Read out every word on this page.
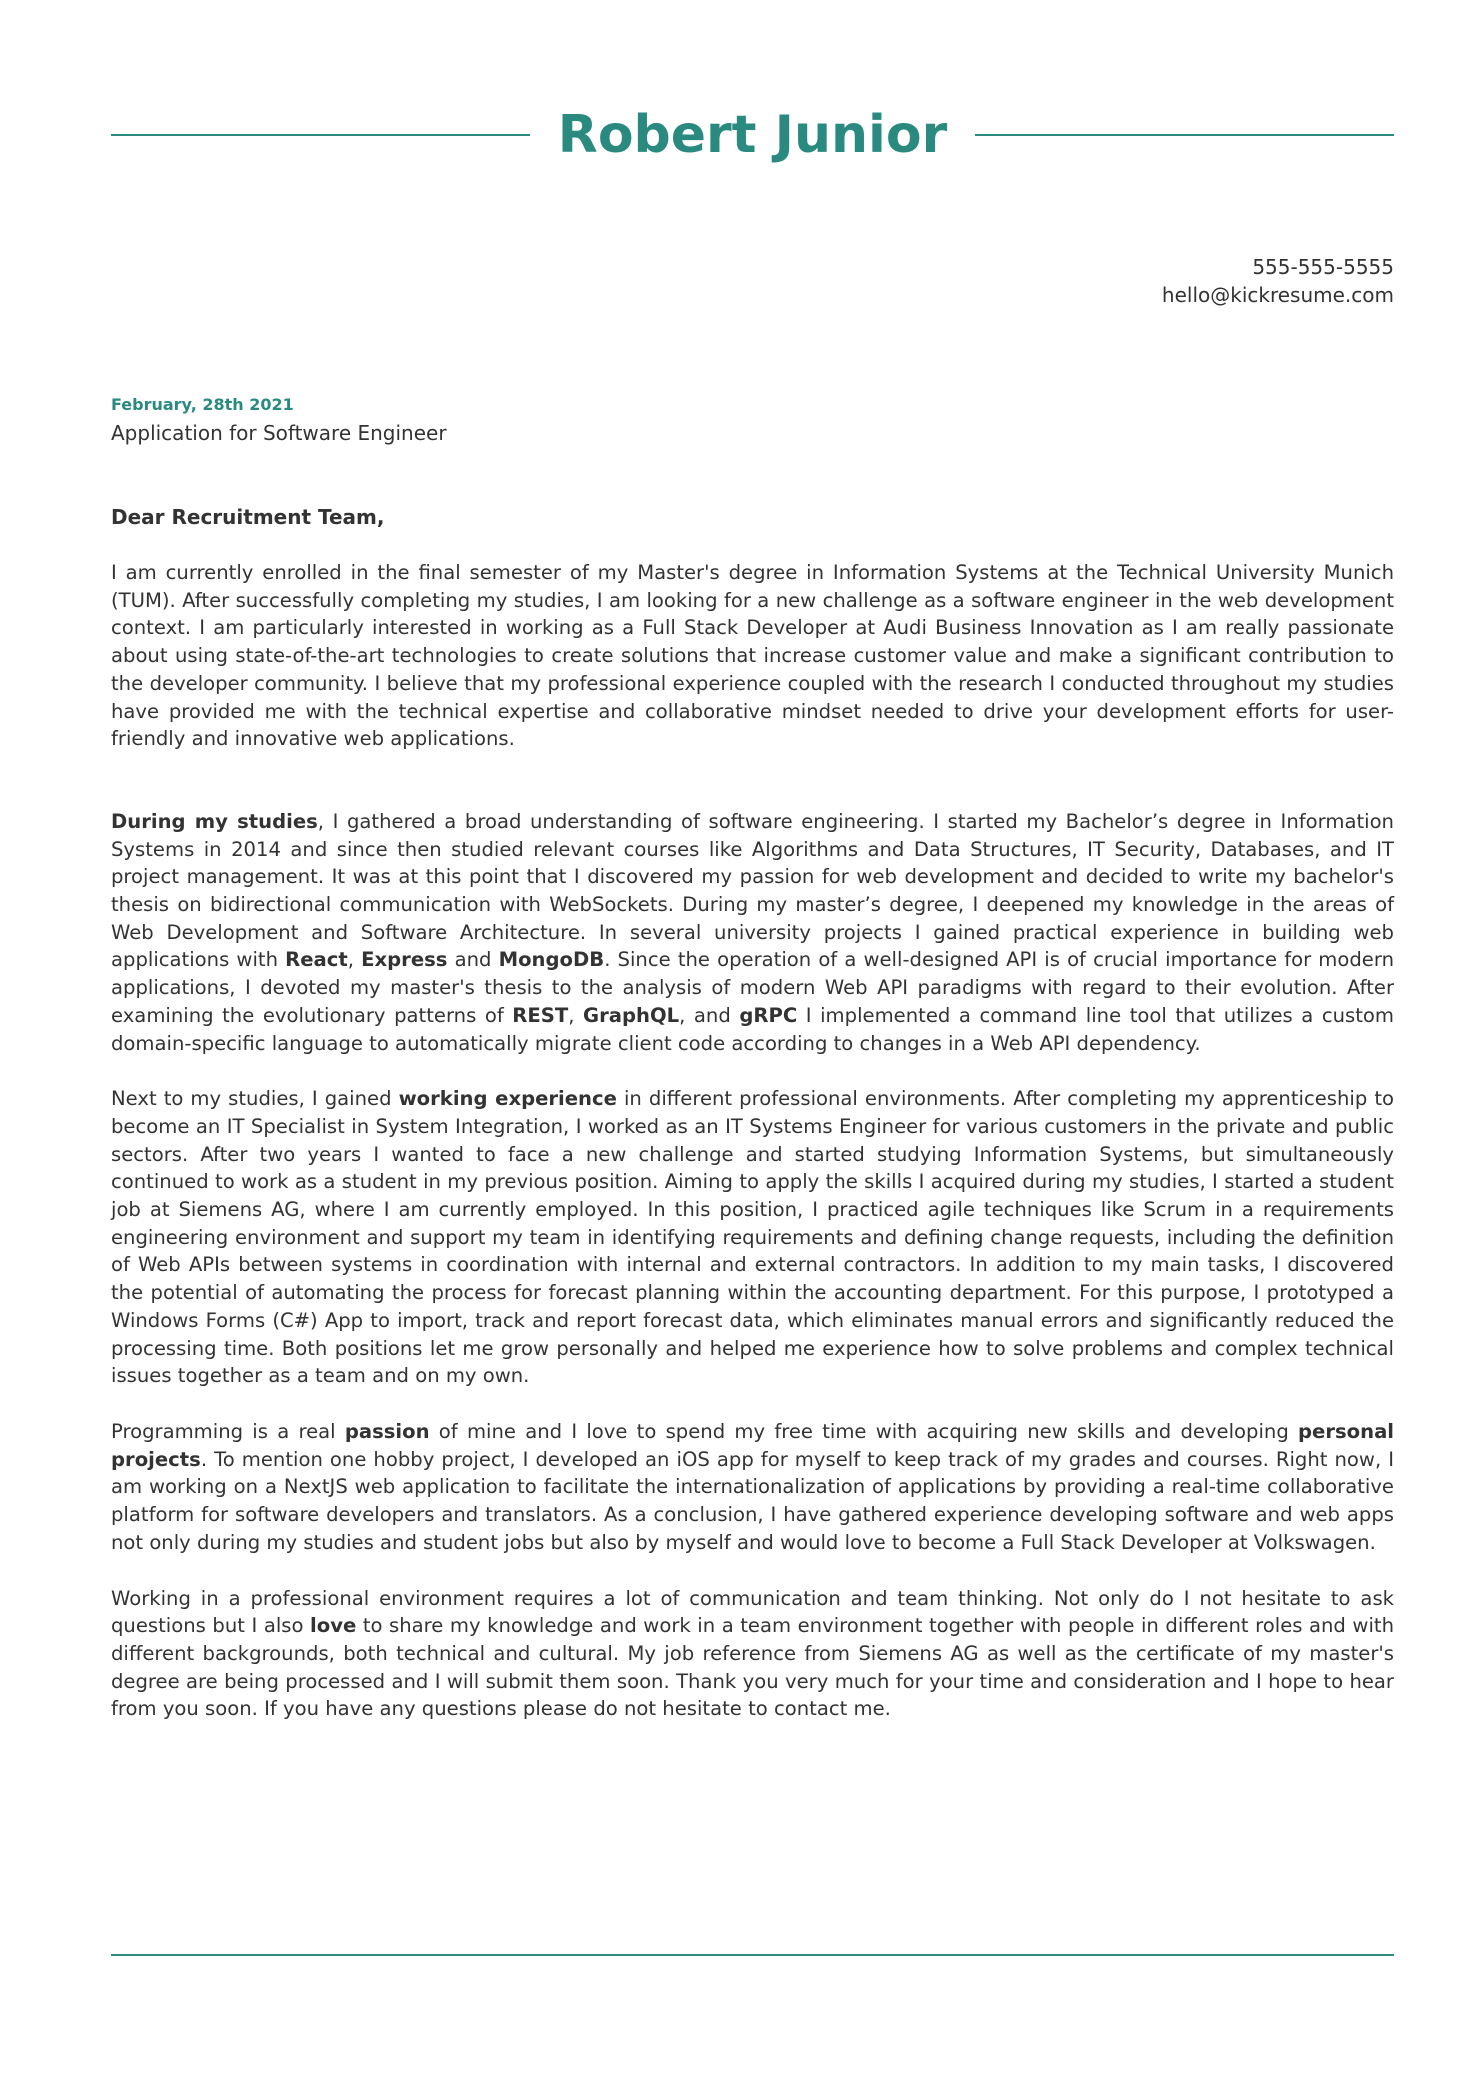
Robert Junior
555-555-5555
hello@kickresume.com
February, 28th 2021
Application for Software Engineer
Dear Recruitment Team,

I am currently enrolled in the final semester of my Master's degree in Information Systems at the Technical University Munich (TUM). After successfully completing my studies, I am looking for a new challenge as a software engineer in the web development context. I am particularly interested in working as a Full Stack Developer at Audi Business Innovation as I am really passionate about using state-of-the-art technologies to create solutions that increase customer value and make a significant contribution to the developer community. I believe that my professional experience coupled with the research I conducted throughout my studies have provided me with the technical expertise and collaborative mindset needed to drive your development efforts for user-friendly and innovative web applications.

During my studies, I gathered a broad understanding of software engineering. I started my Bachelor’s degree in Information Systems in 2014 and since then studied relevant courses like Algorithms and Data Structures, IT Security, Databases, and IT project management. It was at this point that I discovered my passion for web development and decided to write my bachelor's thesis on bidirectional communication with WebSockets. During my master’s degree, I deepened my knowledge in the areas of Web Development and Software Architecture. In several university projects I gained practical experience in building web applications with React, Express and MongoDB. Since the operation of a well-designed API is of crucial importance for modern applications, I devoted my master's thesis to the analysis of modern Web API paradigms with regard to their evolution. After examining the evolutionary patterns of REST, GraphQL, and gRPC I implemented a command line tool that utilizes a custom domain-specific language to automatically migrate client code according to changes in a Web API dependency.

Next to my studies, I gained working experience in different professional environments. After completing my apprenticeship to become an IT Specialist in System Integration, I worked as an IT Systems Engineer for various customers in the private and public sectors. After two years I wanted to face a new challenge and started studying Information Systems, but simultaneously continued to work as a student in my previous position. Aiming to apply the skills I acquired during my studies, I started a student job at Siemens AG, where I am currently employed. In this position, I practiced agile techniques like Scrum in a requirements engineering environment and support my team in identifying requirements and defining change requests, including the definition of Web APIs between systems in coordination with internal and external contractors. In addition to my main tasks, I discovered the potential of automating the process for forecast planning within the accounting department. For this purpose, I prototyped a Windows Forms (C#) App to import, track and report forecast data, which eliminates manual errors and significantly reduced the processing time. Both positions let me grow personally and helped me experience how to solve problems and complex technical issues together as a team and on my own.

Programming is a real passion of mine and I love to spend my free time with acquiring new skills and developing personal projects. To mention one hobby project, I developed an iOS app for myself to keep track of my grades and courses. Right now, I am working on a NextJS web application to facilitate the internationalization of applications by providing a real-time collaborative platform for software developers and translators. As a conclusion, I have gathered experience developing software and web apps not only during my studies and student jobs but also by myself and would love to become a Full Stack Developer at Volkswagen.

Working in a professional environment requires a lot of communication and team thinking. Not only do I not hesitate to ask questions but I also love to share my knowledge and work in a team environment together with people in different roles and with different backgrounds, both technical and cultural. My job reference from Siemens AG as well as the certificate of my master's degree are being processed and I will submit them soon. Thank you very much for your time and consideration and I hope to hear from you soon. If you have any questions please do not hesitate to contact me.
